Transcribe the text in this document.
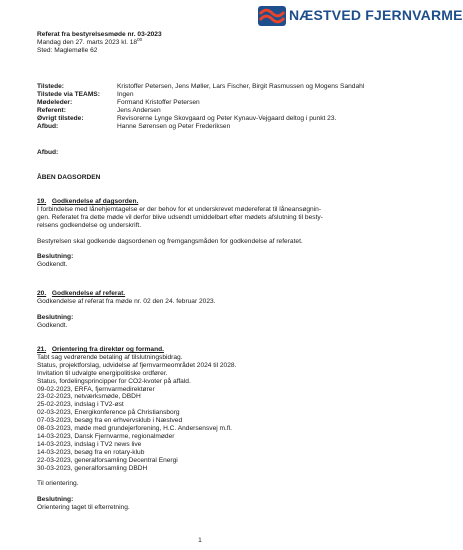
NÆSTVED FJERNVARME
Referat fra bestyrelsesmøde nr. 03-2023
Mandag den 27. marts 2023 kl. $18^{00}$
Sted: Maglemølle 62
Tilstede:	Kristoffer Petersen, Jens Møller, Lars Fischer, Birgit Rasmussen og Mogens Sandahl
Tilstede via TEAMS:	Ingen
Mødeleder:	Formand Kristoffer Petersen
Referent:	Jens Andersen
Øvrigt tilstede:	Revisorerne Lynge Skovgaard og Peter Kynauv-Vejgaard deltog i punkt 23.
Afbud:	Hanne Sørensen og Peter Frederiksen
Afbud:
ÅBEN DAGSORDEN
19. Godkendelse af dagsorden.
I forbindelse med lånehjemtagelse er der behov for et underskrevet mødereferat til låneansøgnin-
gen. Referatet fra dette møde vil derfor blive udsendt umiddelbart efter mødets afslutning til besty-
relsens godkendelse og underskrift.
Bestyrelsen skal godkende dagsordenen og fremgangsmåden for godkendelse af referatet.
Beslutning:
Godkendt.
20. Godkendelse af referat.
Godkendelse af referat fra møde nr. 02 den 24. februar 2023.
Beslutning:
Godkendt.
21. Orientering fra direktør og formand.
Tabt sag vedrørende betaling af tilslutningsbidrag.
Status, projektforslag, udvidelse af fjernvarmeområdet 2024 til 2028.
Invitation til udvalgte energipolitiske ordfører.
Status, fordelingsprincipper for CO2-kvoter på affald.
09-02-2023, ERFA, fjernvarmedirektører
23-02-2023, netværksmøde, DBDH
25-02-2023, indslag i TV2-øst
02-03-2023, Energikonference på Christiansborg
07-03-2023, besøg fra en erhvervsklub i Næstved
08-03-2023, møde med grundejerforening, H.C. Andersensvej m.fl.
14-03-2023, Dansk Fjernvarme, regionalmøder
14-03-2023, indslag i TV2 news live
14-03-2023, besøg fra en rotary-klub
22-03-2023, generalforsamling Decentral Energi
30-03-2023, generalforsamling DBDH
Til orientering.
Beslutning:
Orientering taget til efterretning.
1
